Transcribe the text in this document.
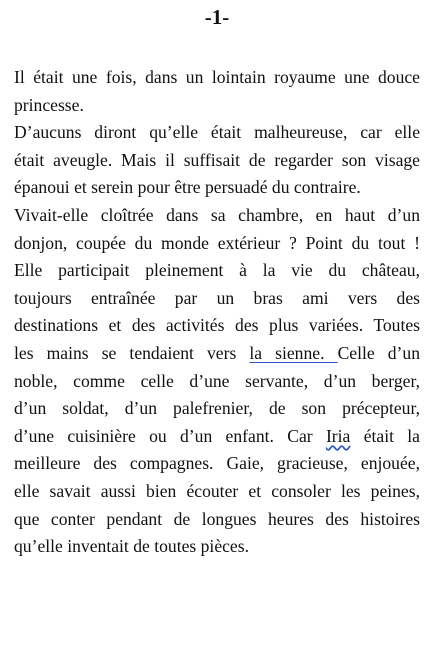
-1-
Il était une fois, dans un lointain royaume une douce
princesse.
D’aucuns diront qu’elle était malheureuse, car elle
était aveugle. Mais il suffisait de regarder son visage
épanoui et serein pour être persuadé du contraire.
Vivait-elle cloîtrée dans sa chambre, en haut d’un
donjon, coupée du monde extérieur ? Point du tout !
Elle participait pleinement à la vie du château,
toujours entraînée par un bras ami vers des
destinations et des activités des plus variées. Toutes
les mains se tendaient vers la sienne. Celle d’un
noble, comme celle d’une servante, d’un berger,
d’un soldat, d’un palefrenier, de son précepteur,
d’une cuisinière ou d’un enfant. Car Iria était la
meilleure des compagnes. Gaie, gracieuse, enjouée,
elle savait aussi bien écouter et consoler les peines,
que conter pendant de longues heures des histoires
qu’elle inventait de toutes pièces.
